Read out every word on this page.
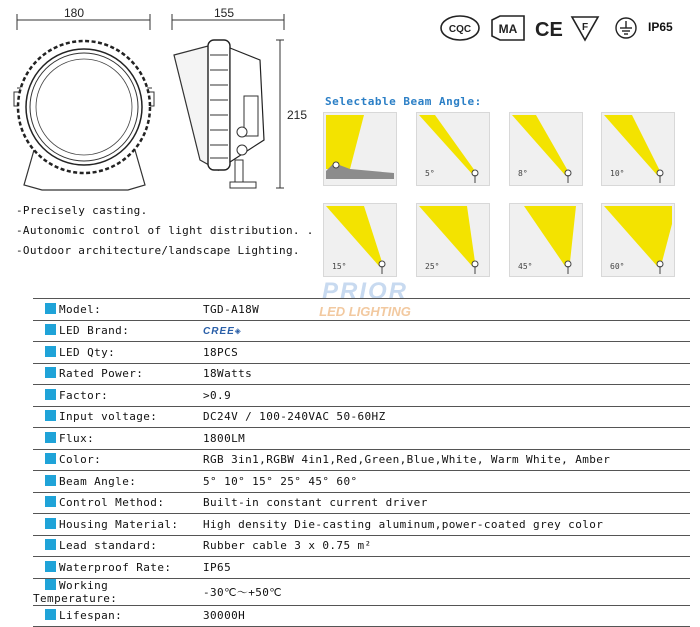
180	155
215
-Precisely casting.
-Autonomic control of light distribution. .
-Outdoor architecture/landscape Lighting.
CQC MA CE F	IP65
Selectable Beam Angle:
5°	8°	10°
15°	25°	45°	60°
PRIOR
LED LIGHTING
Model:	TGD-A18W
LED Brand:	CREE◈
LED Qty:	18PCS
Rated Power:	18Watts
Factor:	>0.9
Input voltage:	DC24V / 100-240VAC 50-60HZ
Flux:	1800LM
Color:	RGB 3in1,RGBW 4in1,Red,Green,Blue,White, Warm White, Amber
Beam Angle:	5° 10° 15° 25° 45° 60°
Control Method:	Built-in constant current driver
Housing Material:	High density Die-casting aluminum,power-coated grey color
Lead standard:	Rubber cable 3 x 0.75 m²
Waterproof Rate:	IP65
Working Temperature:	-30℃～+50℃
Lifespan:	30000H
